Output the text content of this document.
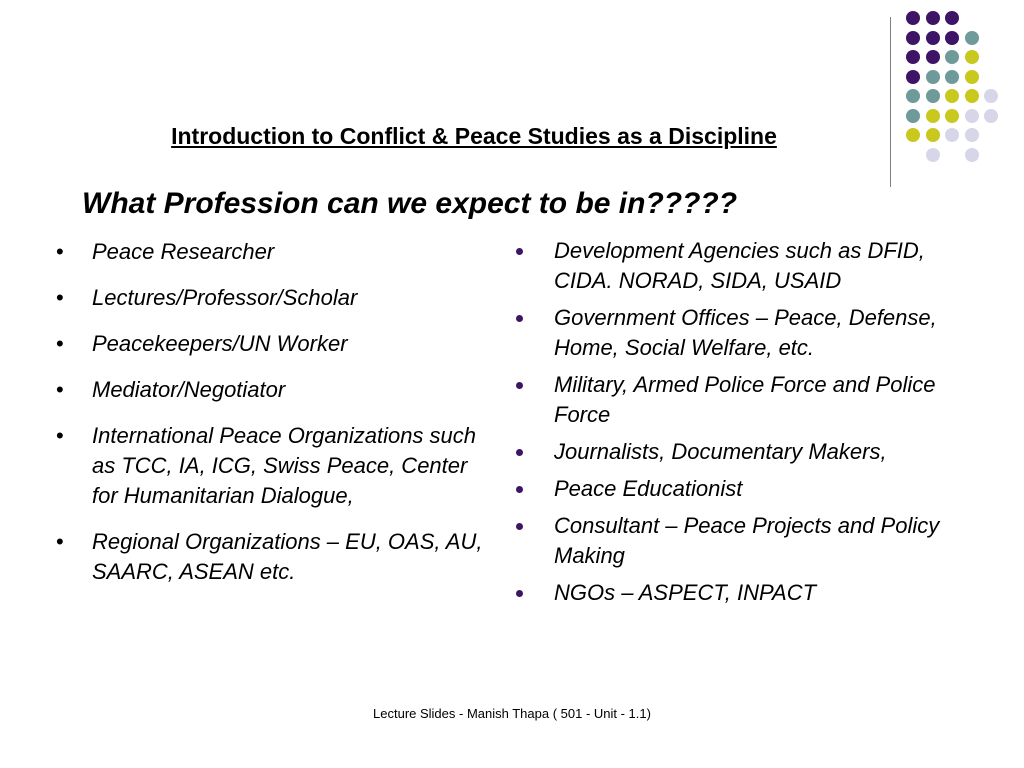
Introduction to Conflict & Peace Studies as a Discipline
What Profession can we expect to be in?????
• Peace Researcher
• Lectures/Professor/Scholar
• Peacekeepers/UN Worker
• Mediator/Negotiator
• International Peace Organizations such as TCC, IA, ICG, Swiss Peace, Center for Humanitarian Dialogue,
• Regional Organizations – EU, OAS, AU, SAARC, ASEAN etc.
Development Agencies such as DFID, CIDA. NORAD, SIDA, USAID
Government Offices – Peace, Defense, Home, Social Welfare, etc.
Military, Armed Police Force and Police Force
Journalists, Documentary Makers,
Peace Educationist
Consultant – Peace Projects and Policy Making
NGOs – ASPECT, INPACT
Lecture Slides - Manish Thapa ( 501 - Unit - 1.1)
